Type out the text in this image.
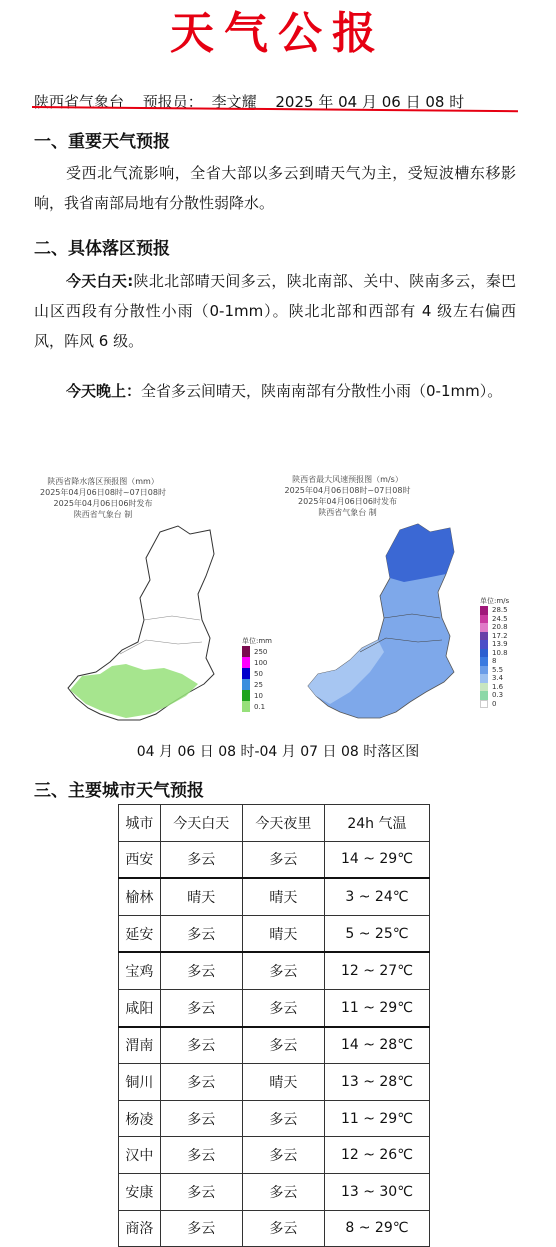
天气公报
陕西省气象台 预报员： 李文耀 2025 年 04 月 06 日 08 时
一、重要天气预报
受西北气流影响，全省大部以多云到晴天气为主，受短波槽东移影响，我省南部局地有分散性弱降水。
二、具体落区预报
今天白天:陕北北部晴天间多云，陕北南部、关中、陕南多云，秦巴山区西段有分散性小雨（0-1mm）。陕北北部和西部有 4 级左右偏西风，阵风 6 级。
今天晚上：全省多云间晴天，陕南南部有分散性小雨（0-1mm）。
陕西省降水落区预报图（mm）
2025年04月06日08时~07日08时
2025年04月06日06时发布
陕西省气象台 制
单位:mm
250
100
50
25
10
0.1
陕西省最大风速预报图（m/s）
2025年04月06日08时~07日08时
2025年04月06日06时发布
陕西省气象台 制
单位:m/s
28.5
24.5
20.8
17.2
13.9
10.8
8
5.5
3.4
1.6
0.3
0
04 月 06 日 08 时-04 月 07 日 08 时落区图
三、主要城市天气预报
城市	今天白天	今天夜里	24h 气温
西安	多云	多云	14 ~ 29℃
榆林	晴天	晴天	3 ~ 24℃
延安	多云	晴天	5 ~ 25℃
宝鸡	多云	多云	12 ~ 27℃
咸阳	多云	多云	11 ~ 29℃
渭南	多云	多云	14 ~ 28℃
铜川	多云	晴天	13 ~ 28℃
杨凌	多云	多云	11 ~ 29℃
汉中	多云	多云	12 ~ 26℃
安康	多云	多云	13 ~ 30℃
商洛	多云	多云	8 ~ 29℃
